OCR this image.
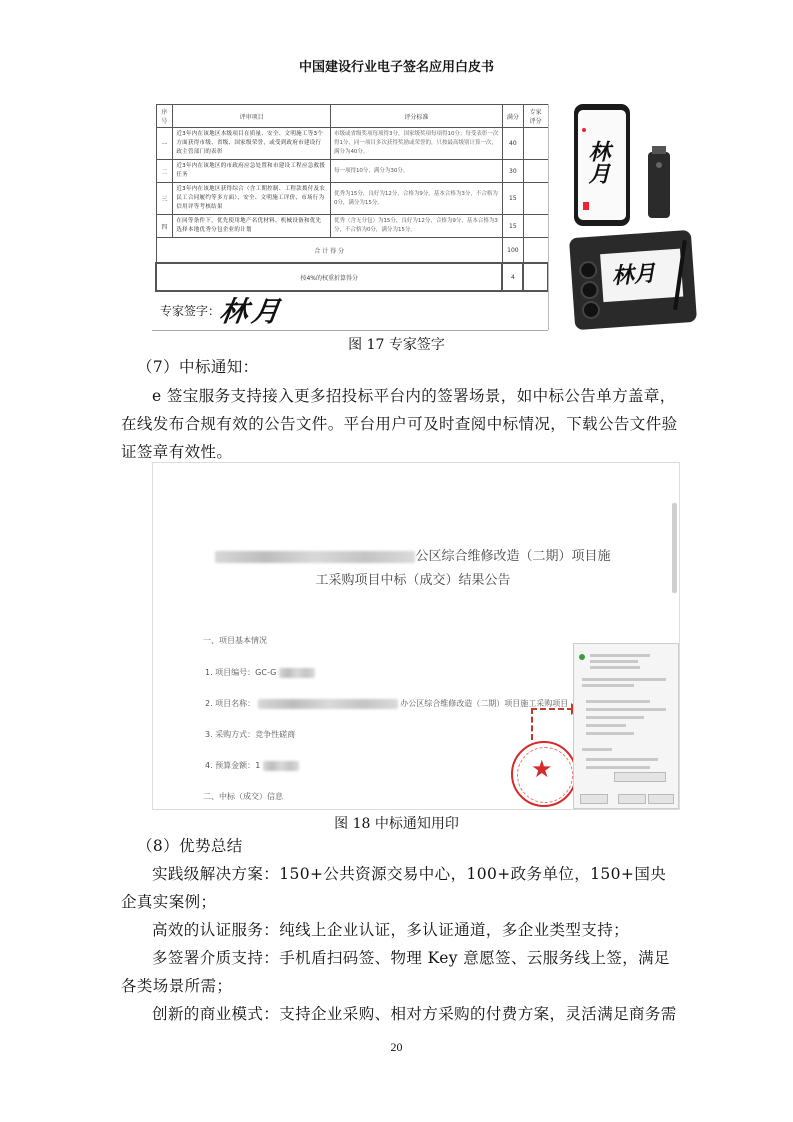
中国建设行业电子签名应用白皮书
序号	评审项目	评分标准	满分	专家评分
一	近3年内在该地区本级项目在质量、安全、文明施工等3个方面获得市级、省级、国家级荣誉，或受到政府市建设行政主管部门的表彰	市级或省级奖项每项得3分，国家级奖项每项得10分；每受表彰一次得1分，同一项目多次获得奖励或荣誉的，只按最高级别计算一次，满分为40分。	40	
二	近3年内在该地区的市政府应急处置和市建设工程应急救援任务	每一项得10分，满分为30分。	30	
三	近3年内在该地区获得综合（含工期控制、工程款拨付及农民工合同履约等多方面）、安全、文明施工评价、市场行为信用评等考核结果	优秀为15分，良好为12分，合格为9分，基本合格为3分，不合格为0分，满分为15分。	15	
四	在同等条件下，优先使用地产名优材料、机械设备和优先选择本地优秀分包企业的计划	优秀（含无分包）为15分，良好为12分，合格为9分，基本合格为3分，不合格为0分，满分为15分。	15	
合 计 得 分			100	
按4%的权重折算得分			4	
专家签字：
林月
林月
林月
图 17 专家签字
（7）中标通知：
e 签宝服务支持接入更多招投标平台内的签署场景，如中标公告单方盖章，在线发布合规有效的公告文件。平台用户可及时查阅中标情况，下载公告文件验证签章有效性。
公区综合维修改造（二期）项目施
工采购项目中标（成交）结果公告
一、项目基本情况
1. 项目编号：GC-G
2. 项目名称：	办公区综合维修改造（二期）项目施工采购项目
3. 采购方式：竞争性磋商
4. 预算金额：1
二、中标（成交）信息
★
图 18 中标通知用印
（8）优势总结
实践级解决方案：150+公共资源交易中心，100+政务单位，150+国央企真实案例；
高效的认证服务：纯线上企业认证，多认证通道，多企业类型支持；
多签署介质支持：手机盾扫码签、物理 Key 意愿签、云服务线上签，满足各类场景所需；
创新的商业模式：支持企业采购、相对方采购的付费方案，灵活满足商务需
20
